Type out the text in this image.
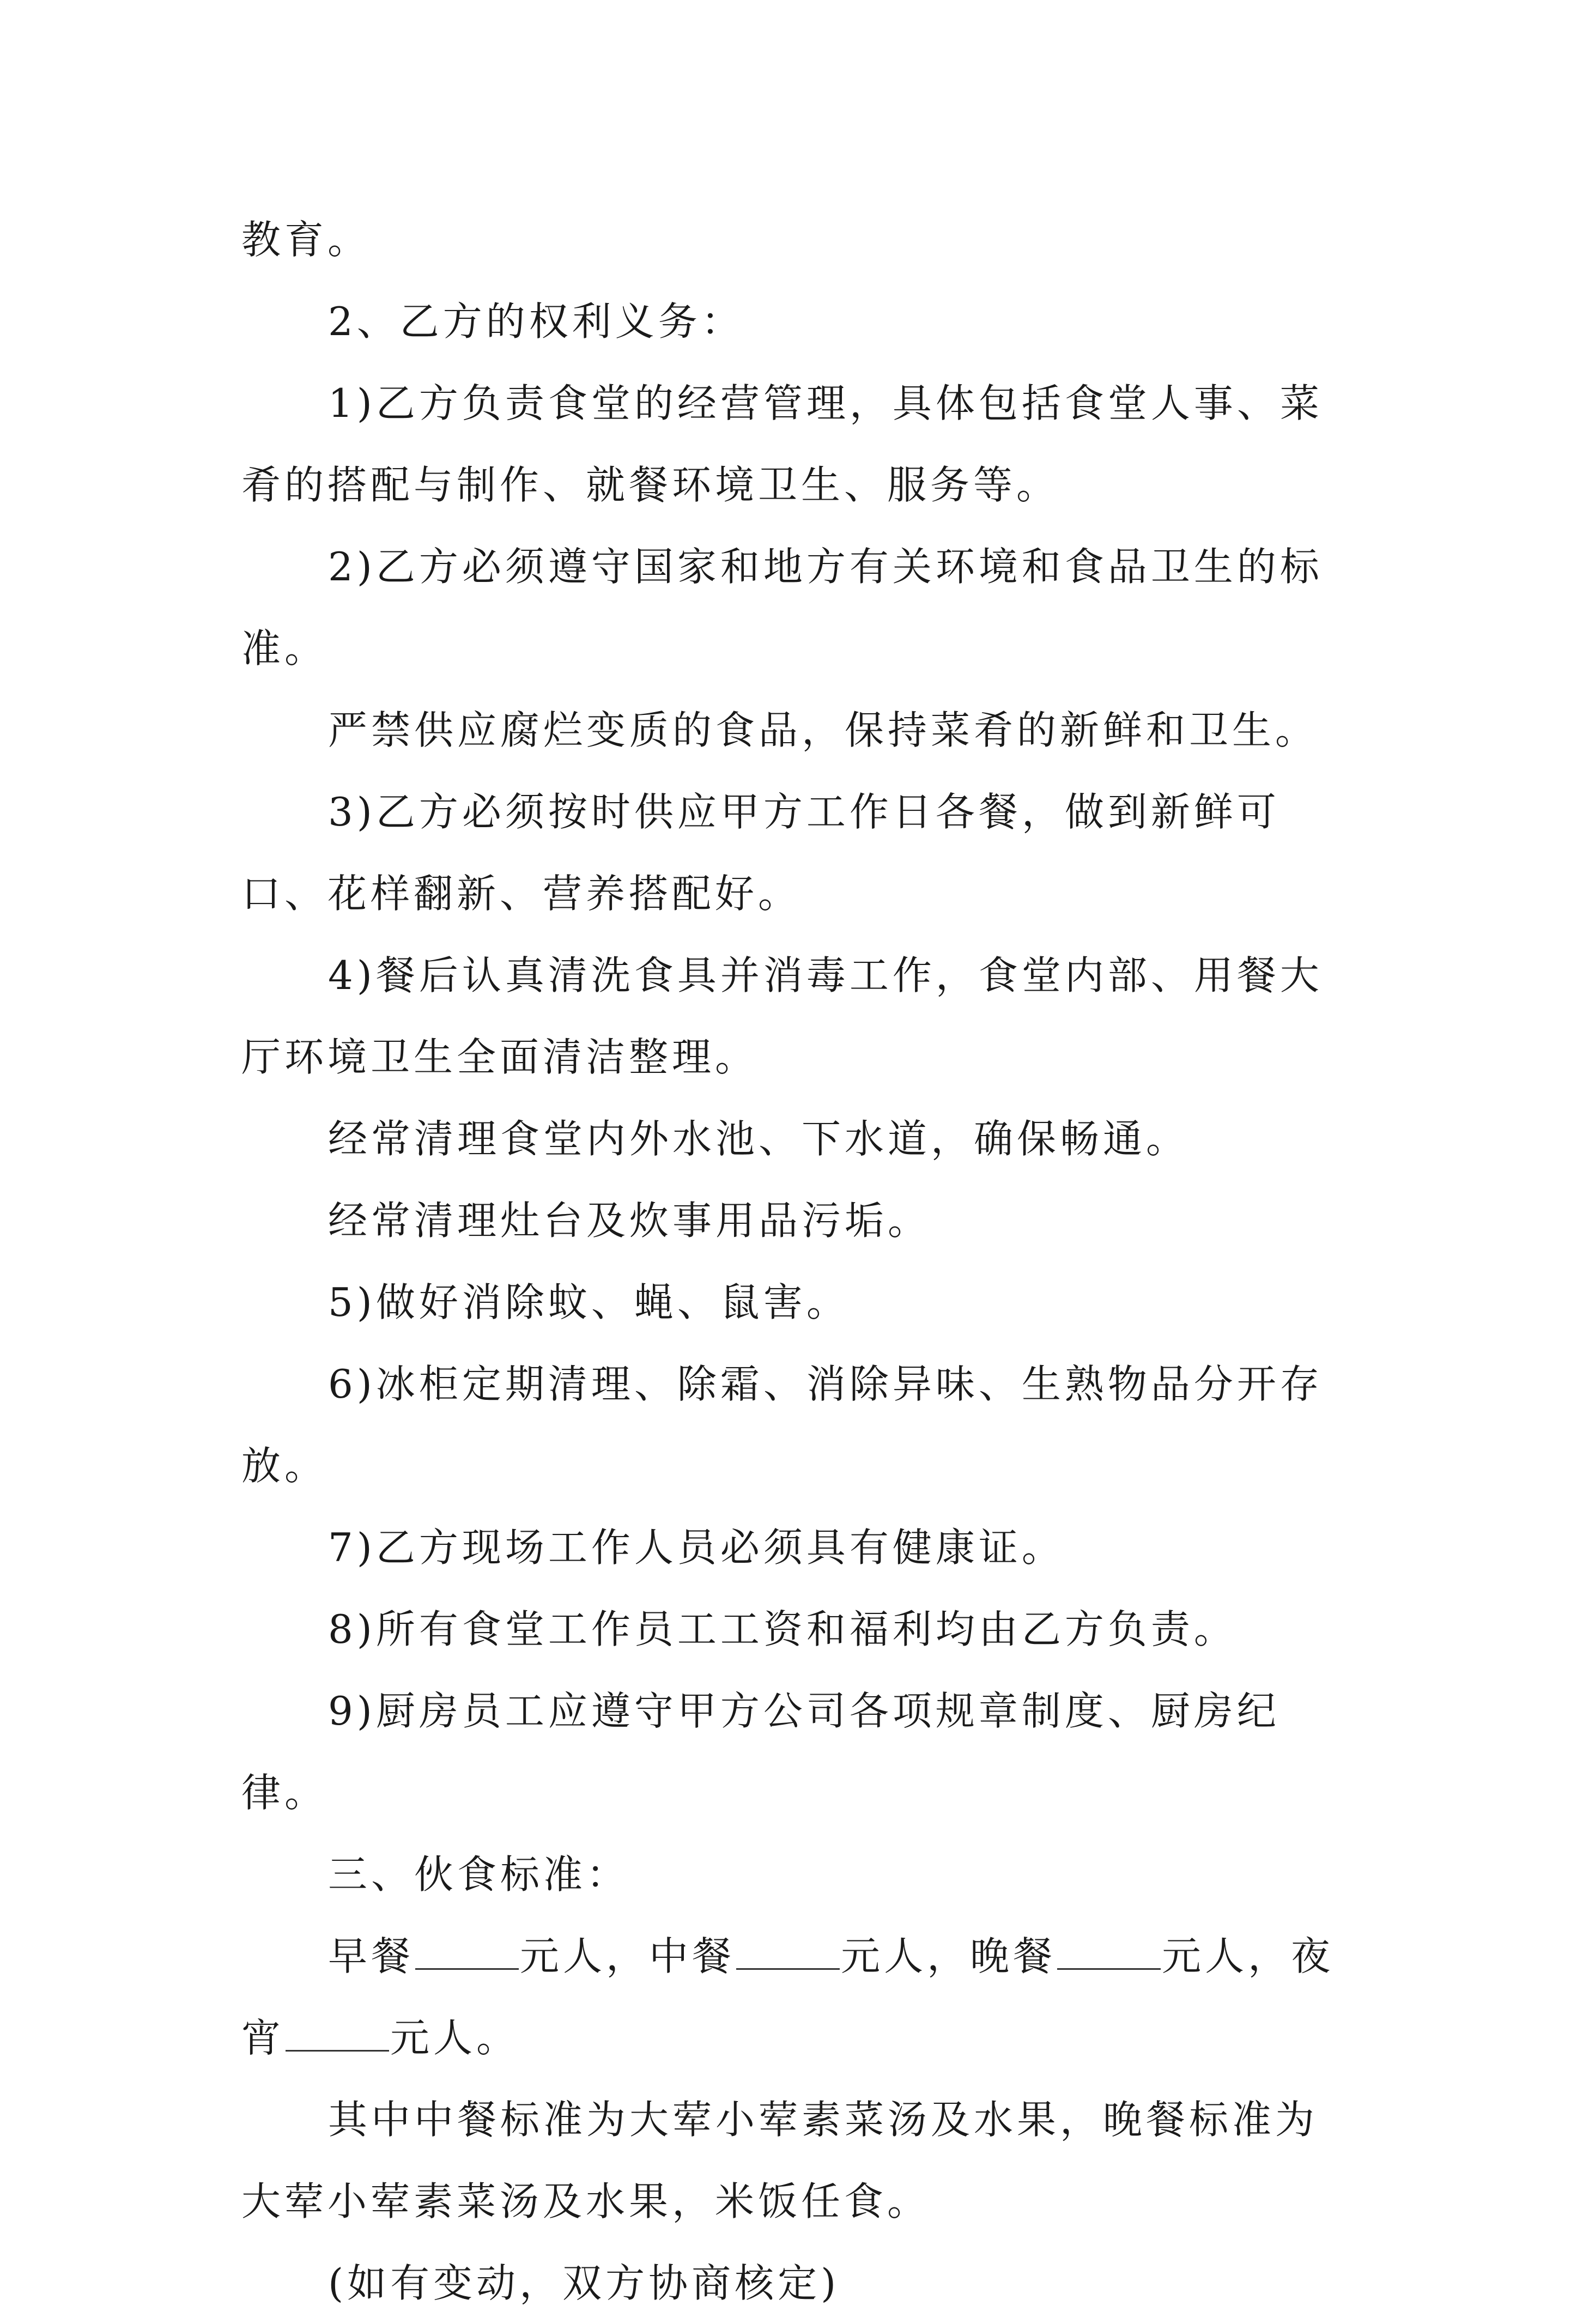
教育。

2、乙方的权利义务：

1)乙方负责食堂的经营管理，具体包括食堂人事、菜肴的搭配与制作、就餐环境卫生、服务等。

2)乙方必须遵守国家和地方有关环境和食品卫生的标准。

严禁供应腐烂变质的食品，保持菜肴的新鲜和卫生。

3)乙方必须按时供应甲方工作日各餐，做到新鲜可口、花样翻新、营养搭配好。

4)餐后认真清洗食具并消毒工作，食堂内部、用餐大厅环境卫生全面清洁整理。

经常清理食堂内外水池、下水道，确保畅通。

经常清理灶台及炊事用品污垢。

5)做好消除蚊、蝇、鼠害。

6)冰柜定期清理、除霜、消除异味、生熟物品分开存放。

7)乙方现场工作人员必须具有健康证。

8)所有食堂工作员工工资和福利均由乙方负责。

9)厨房员工应遵守甲方公司各项规章制度、厨房纪律。

三、伙食标准：

早餐	元人，中餐	元人，晚餐	元人，夜宵	元人。

其中中餐标准为大荤小荤素菜汤及水果，晚餐标准为大荤小荤素菜汤及水果，米饭任食。

(如有变动，双方协商核定)
